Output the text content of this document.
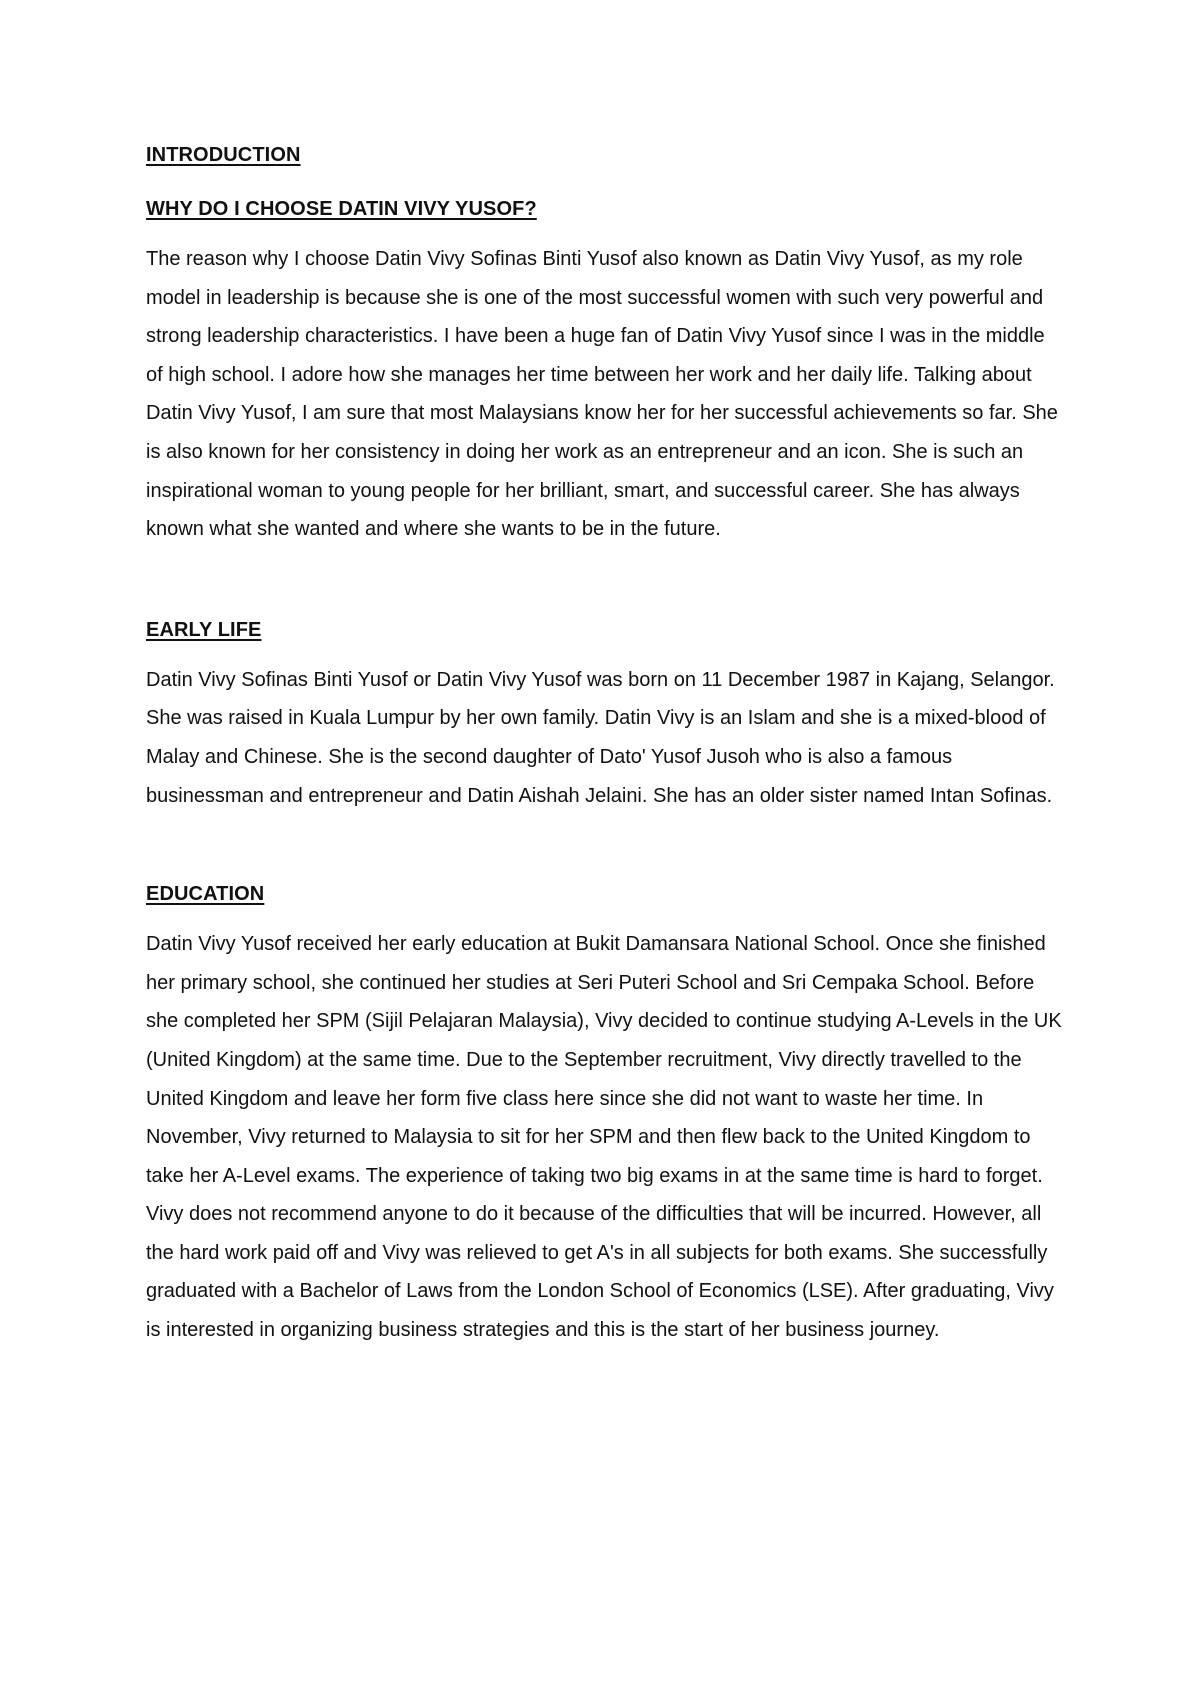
INTRODUCTION
WHY DO I CHOOSE DATIN VIVY YUSOF?

The reason why I choose Datin Vivy Sofinas Binti Yusof also known as Datin Vivy Yusof, as my role model in leadership is because she is one of the most successful women with such very powerful and strong leadership characteristics. I have been a huge fan of Datin Vivy Yusof since I was in the middle of high school. I adore how she manages her time between her work and her daily life. Talking about Datin Vivy Yusof, I am sure that most Malaysians know her for her successful achievements so far. She is also known for her consistency in doing her work as an entrepreneur and an icon. She is such an inspirational woman to young people for her brilliant, smart, and successful career. She has always known what she wanted and where she wants to be in the future.

EARLY LIFE

Datin Vivy Sofinas Binti Yusof or Datin Vivy Yusof was born on 11 December 1987 in Kajang, Selangor. She was raised in Kuala Lumpur by her own family. Datin Vivy is an Islam and she is a mixed-blood of Malay and Chinese. She is the second daughter of Dato' Yusof Jusoh who is also a famous businessman and entrepreneur and Datin Aishah Jelaini. She has an older sister named Intan Sofinas.

EDUCATION

Datin Vivy Yusof received her early education at Bukit Damansara National School. Once she finished her primary school, she continued her studies at Seri Puteri School and Sri Cempaka School. Before she completed her SPM (Sijil Pelajaran Malaysia), Vivy decided to continue studying A-Levels in the UK (United Kingdom) at the same time. Due to the September recruitment, Vivy directly travelled to the United Kingdom and leave her form five class here since she did not want to waste her time. In November, Vivy returned to Malaysia to sit for her SPM and then flew back to the United Kingdom to take her A-Level exams. The experience of taking two big exams in at the same time is hard to forget. Vivy does not recommend anyone to do it because of the difficulties that will be incurred. However, all the hard work paid off and Vivy was relieved to get A's in all subjects for both exams. She successfully graduated with a Bachelor of Laws from the London School of Economics (LSE). After graduating, Vivy is interested in organizing business strategies and this is the start of her business journey.
